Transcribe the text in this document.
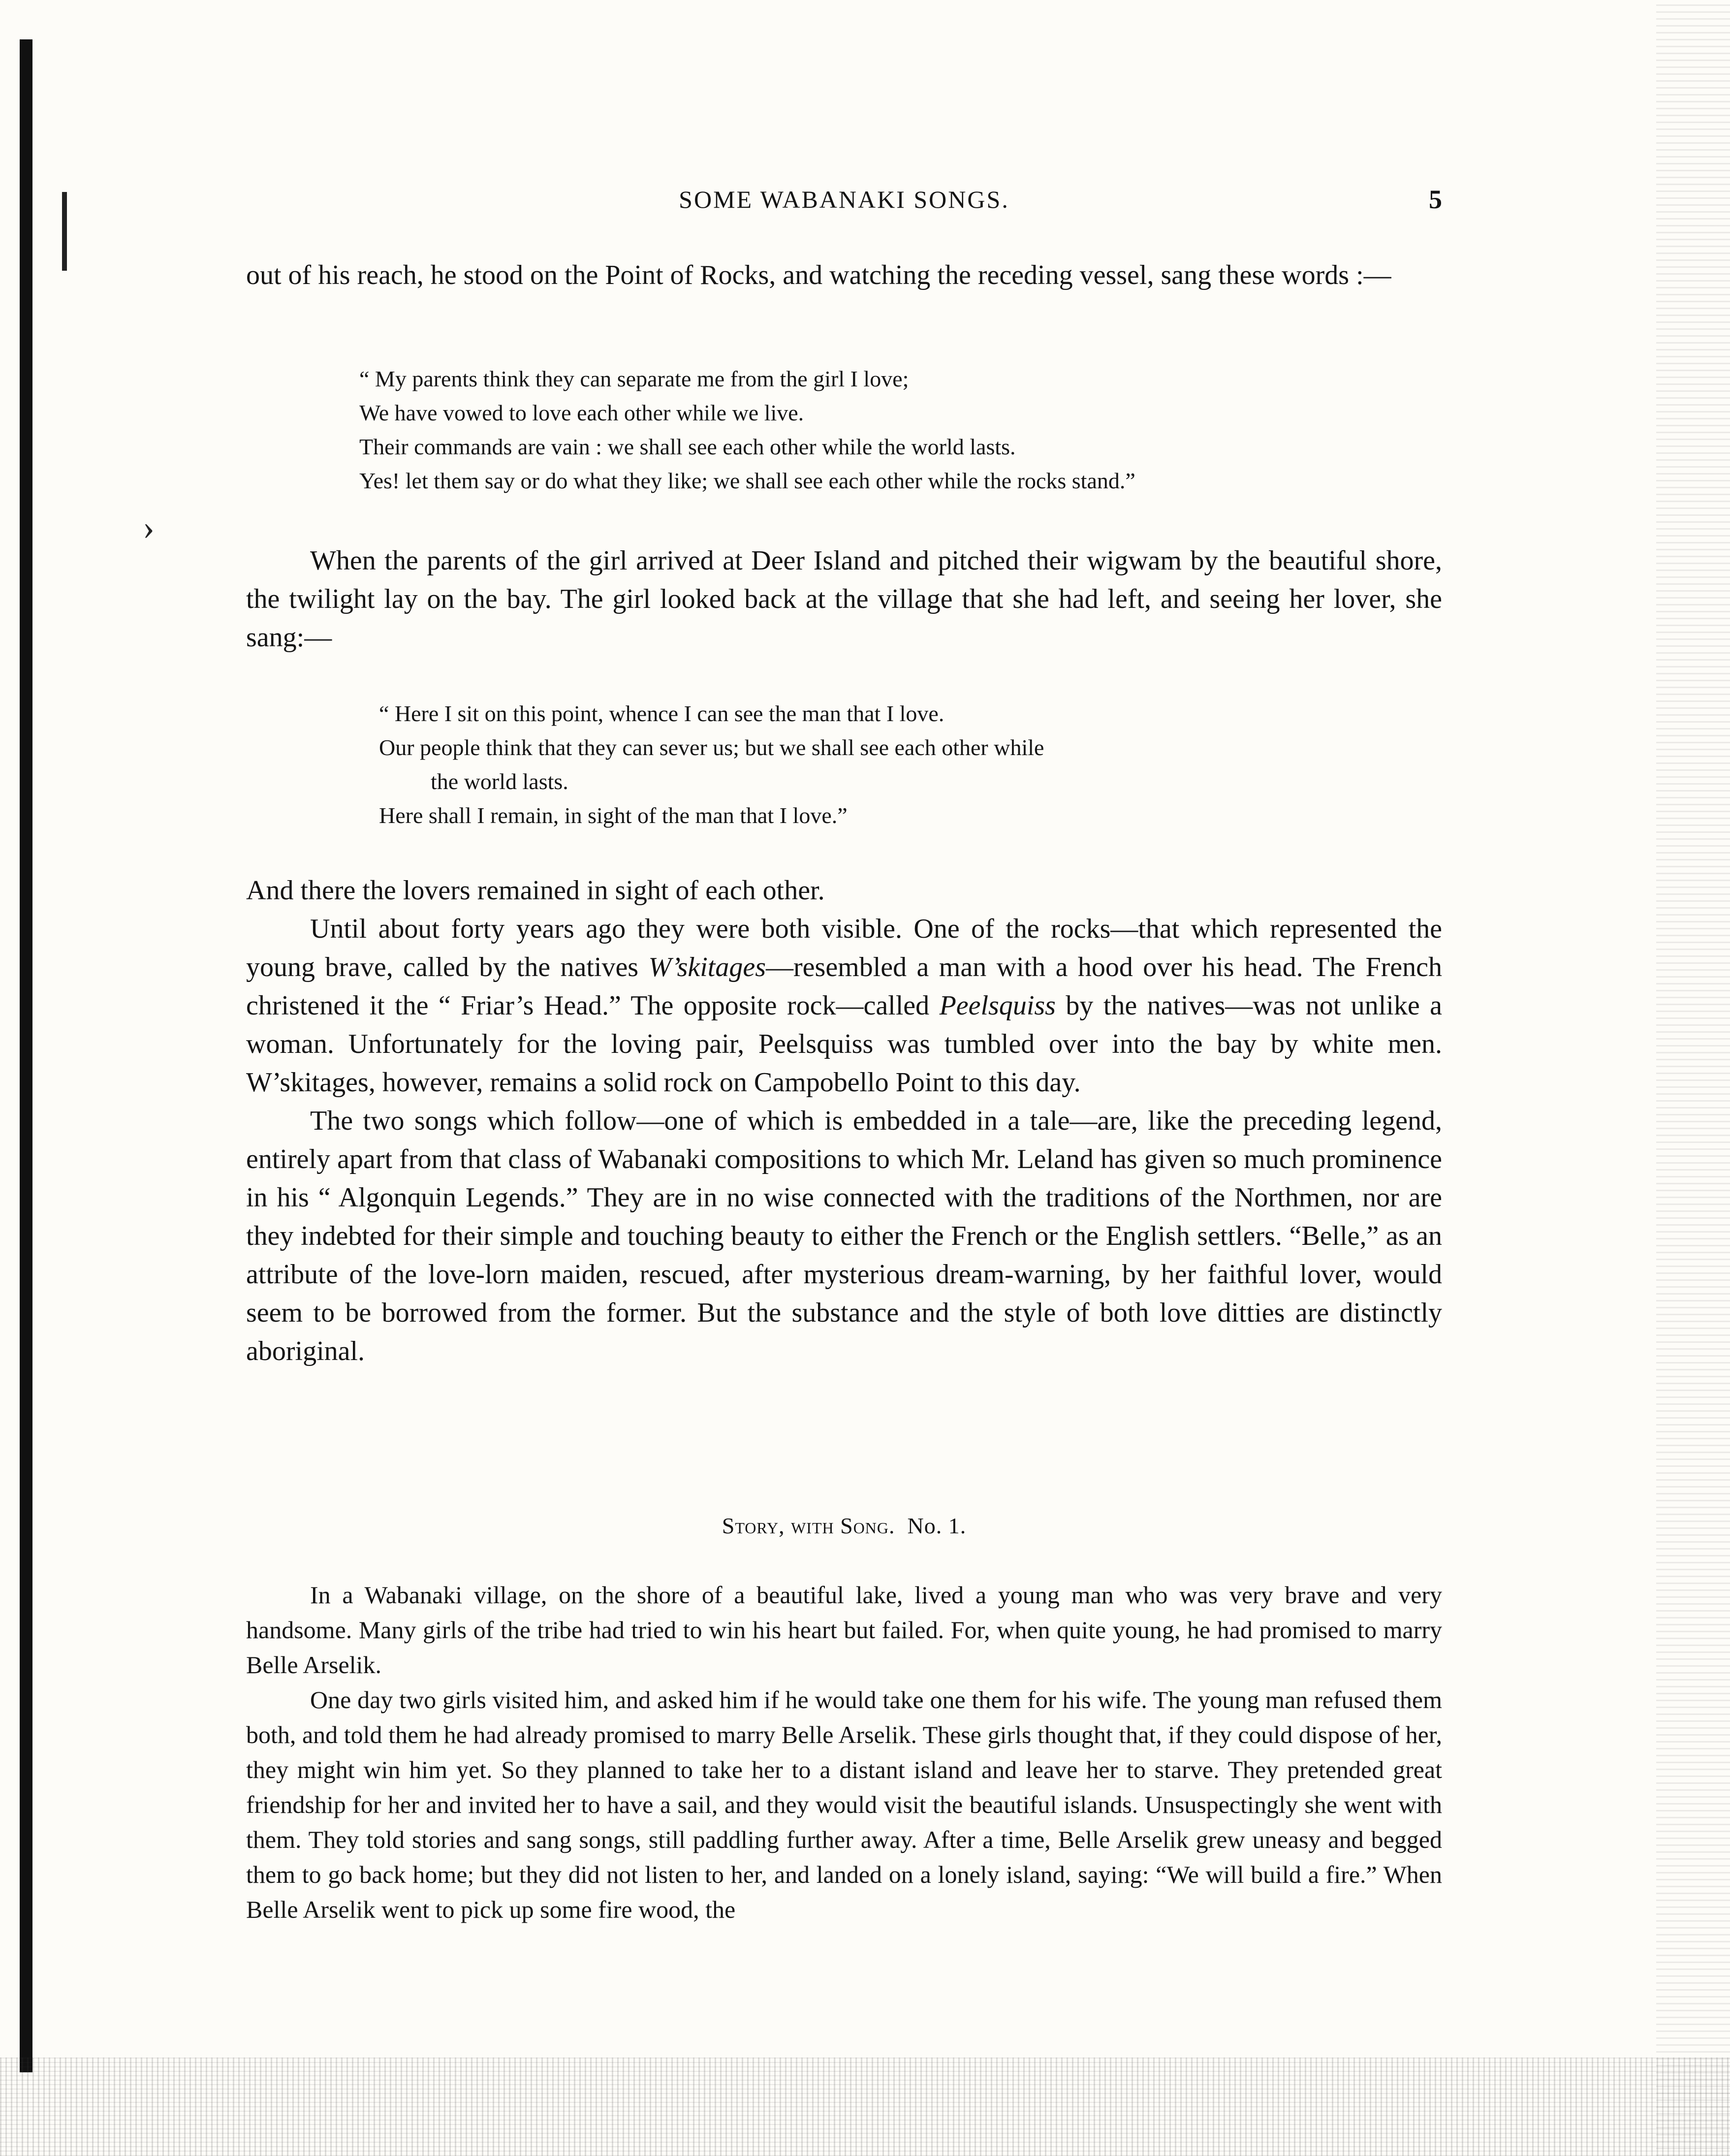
›
SOME WABANAKI SONGS.	5

out of his reach, he stood on the Point of Rocks, and watching the receding vessel, sang these words :—

“ My parents think they can separate me from the girl I love;
We have vowed to love each other while we live.
Their commands are vain : we shall see each other while the world lasts.
Yes! let them say or do what they like; we shall see each other while the rocks stand.”

When the parents of the girl arrived at Deer Island and pitched their wigwam by the beautiful shore, the twilight lay on the bay. The girl looked back at the village that she had left, and seeing her lover, she sang:—

“ Here I sit on this point, whence I can see the man that I love.
Our people think that they can sever us; but we shall see each other while
the world lasts.
Here shall I remain, in sight of the man that I love.”

And there the lovers remained in sight of each other.

Until about forty years ago they were both visible. One of the rocks—that which represented the young brave, called by the natives W’skitages—resembled a man with a hood over his head. The French christened it the “ Friar’s Head.” The opposite rock—called Peelsquiss by the natives—was not unlike a woman. Unfortunately for the loving pair, Peelsquiss was tumbled over into the bay by white men. W’skitages, however, remains a solid rock on Campobello Point to this day.

The two songs which follow—one of which is embedded in a tale—are, like the preceding legend, entirely apart from that class of Wabanaki compositions to which Mr. Leland has given so much prominence in his “ Algonquin Legends.” They are in no wise connected with the traditions of the Northmen, nor are they indebted for their simple and touching beauty to either the French or the English settlers. “Belle,” as an attribute of the love-lorn maiden, rescued, after mysterious dream-warning, by her faithful lover, would seem to be borrowed from the former. But the substance and the style of both love ditties are distinctly aboriginal.

Story, with Song. No. 1.

In a Wabanaki village, on the shore of a beautiful lake, lived a young man who was very brave and very handsome. Many girls of the tribe had tried to win his heart but failed. For, when quite young, he had promised to marry Belle Arselik.

One day two girls visited him, and asked him if he would take one them for his wife. The young man refused them both, and told them he had already promised to marry Belle Arselik. These girls thought that, if they could dispose of her, they might win him yet. So they planned to take her to a distant island and leave her to starve. They pretended great friendship for her and invited her to have a sail, and they would visit the beautiful islands. Unsuspectingly she went with them. They told stories and sang songs, still paddling further away. After a time, Belle Arselik grew uneasy and begged them to go back home; but they did not listen to her, and landed on a lonely island, saying: “We will build a fire.” When Belle Arselik went to pick up some fire wood, the
